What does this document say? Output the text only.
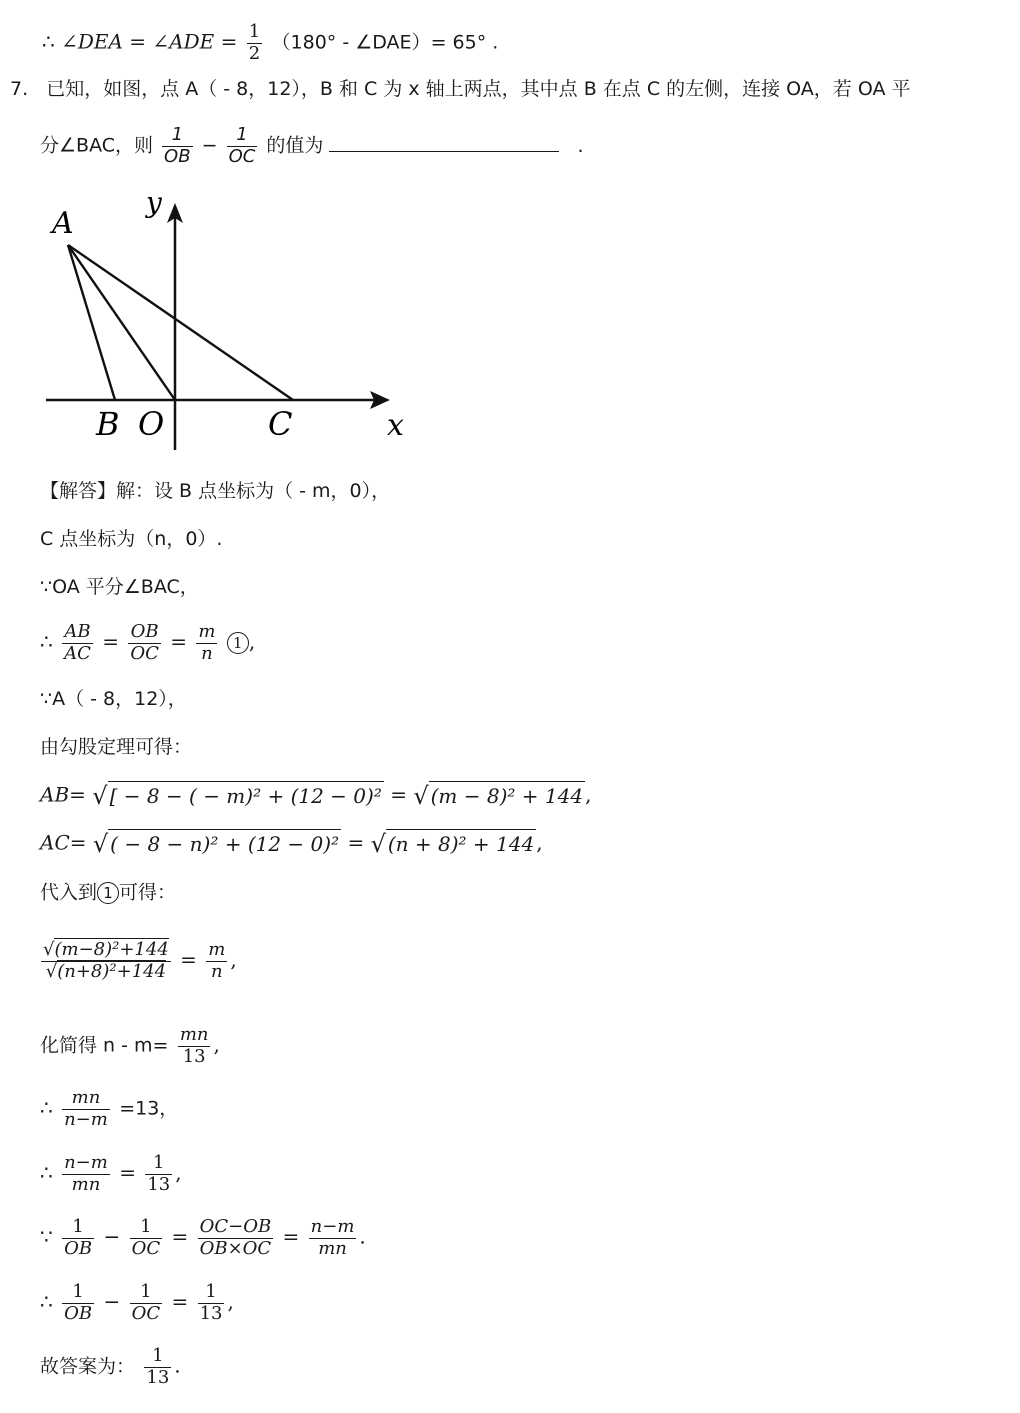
∴ ∠DEA = ∠ADE = $\frac{1}{2} (180^\circ$ - ∠DAE）= 65° .
7. 已知，如图，点 A（ - 8，12），B 和 C 为 x 轴上两点，其中点 B 在点 C 的左侧，连接 OA，若 OA 平
分∠BAC，则 $\frac{1}{OB} - \frac{1}{OC}$ 的值为	.
A
y
B O	C	x
【解答】解：设 B 点坐标为（ - m，0），
C 点坐标为（n，0）.
∵OA 平分∠BAC，
∴ $\frac{AB}{AC} = \frac{OB}{OC} = \frac{m}{n} 1$ ,
∵A（ - 8，12），
由勾股定理可得：
AB= √ [ − 8 − ( − m)² + (12 − 0)² = √ (m − 8)² + 144 ,
AC= √ ( − 8 − n)² + (12 − 0)² = √ (n + 8)² + 144 ,
代入到 1 可得：
$\frac{\text{√(m−8)²+144}}{\text{√(n+8)²+144}} = \frac{m}{n}$ ,
化简得 $n - m= \frac{mn}{13}$ ,
∴ $\frac{mn}{n-m} =13$，
∴ $\frac{n-m}{mn} = \frac{1}{13}$ ,
∵ $\frac{1}{OB} - \frac{1}{OC} = \frac{OC-OB}{OB\times OC} = \frac{n-m}{mn}$ .
∴ $\frac{1}{OB} - \frac{1}{OC} = \frac{1}{13}$ ,
故答案为： $\frac{1}{13}$ .
